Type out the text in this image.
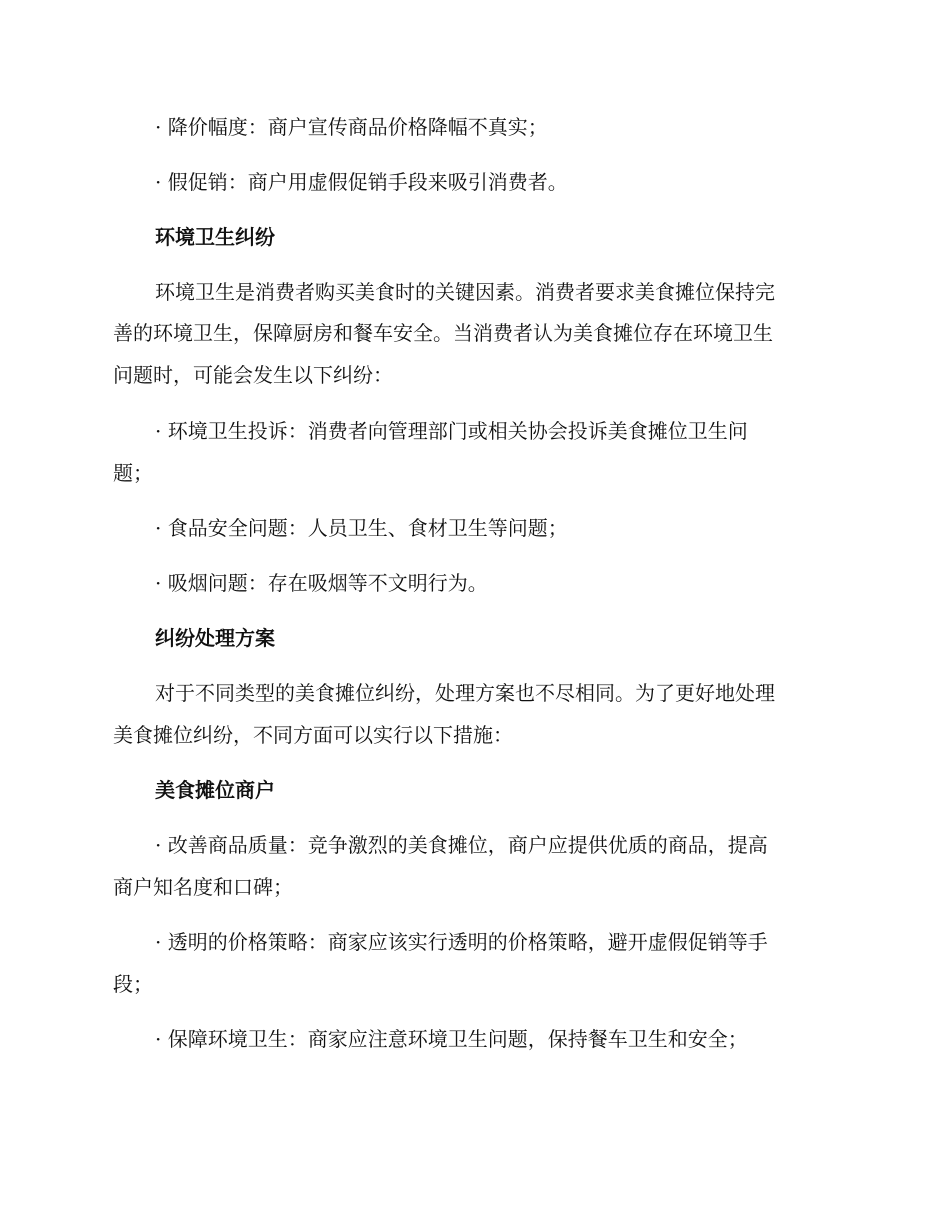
· 降价幅度：商户宣传商品价格降幅不真实；
· 假促销：商户用虚假促销手段来吸引消费者。
环境卫生纠纷
环境卫生是消费者购买美食时的关键因素。消费者要求美食摊位保持完
善的环境卫生，保障厨房和餐车安全。当消费者认为美食摊位存在环境卫生
问题时，可能会发生以下纠纷：
· 环境卫生投诉：消费者向管理部门或相关协会投诉美食摊位卫生问
题；
· 食品安全问题：人员卫生、食材卫生等问题；
· 吸烟问题：存在吸烟等不文明行为。
纠纷处理方案
对于不同类型的美食摊位纠纷，处理方案也不尽相同。为了更好地处理
美食摊位纠纷，不同方面可以实行以下措施：
美食摊位商户
· 改善商品质量：竞争激烈的美食摊位，商户应提供优质的商品，提高
商户知名度和口碑；
· 透明的价格策略：商家应该实行透明的价格策略，避开虚假促销等手
段；
· 保障环境卫生：商家应注意环境卫生问题，保持餐车卫生和安全；
